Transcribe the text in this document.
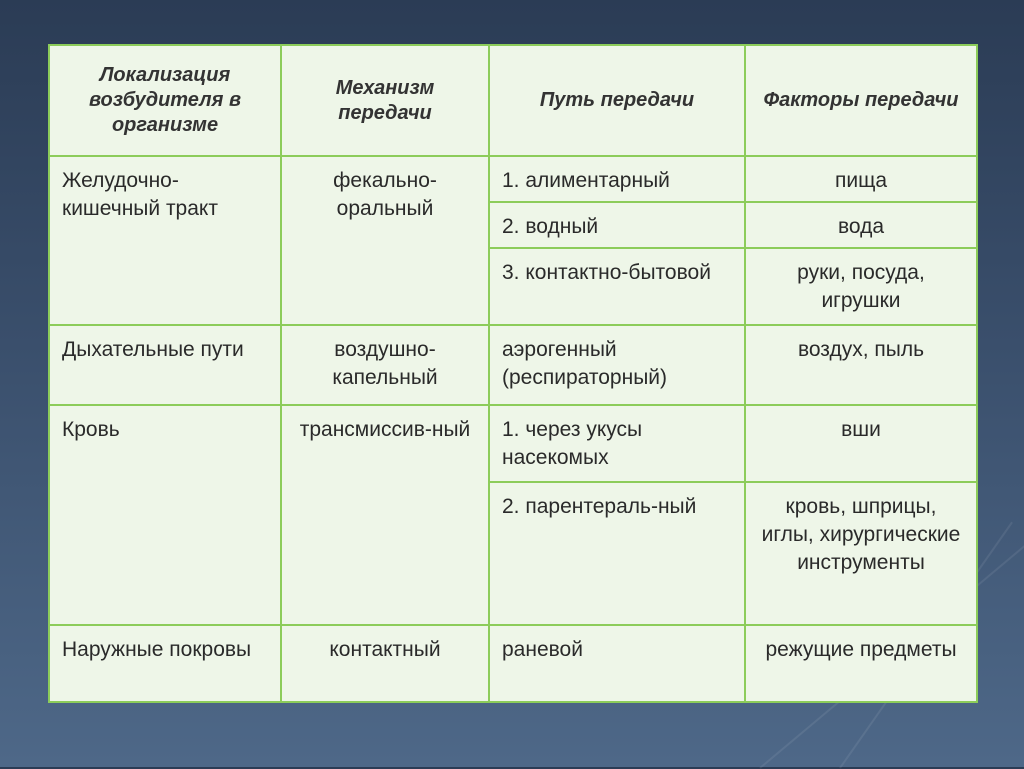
Локализация возбудителя в организме	Механизм передачи	Путь передачи	Факторы передачи
Желудочно-кишечный тракт	фекально-оральный	1. алиментарный	пища
		2. водный	вода
		3. контактно-бытовой	руки, посуда, игрушки
Дыхательные пути	воздушно-капельный	аэрогенный (респираторный)	воздух, пыль
Кровь	трансмиссив-ный	1. через укусы насекомых	вши
		2. парентераль-ный	кровь, шприцы, иглы, хирургические инструменты
Наружные покровы	контактный	раневой	режущие предметы
